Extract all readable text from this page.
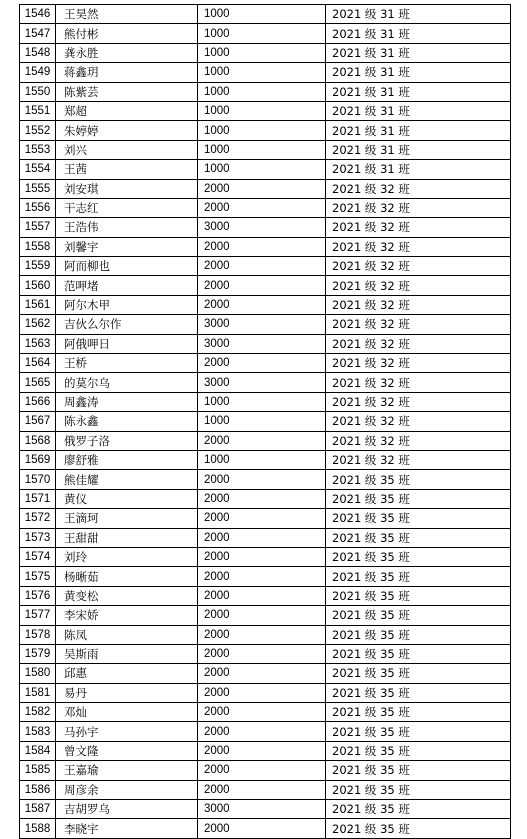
1546	王昊然	1000	2021 级 31 班
1547	熊付彬	1000	2021 级 31 班
1548	龚永胜	1000	2021 级 31 班
1549	蒋鑫玥	1000	2021 级 31 班
1550	陈紫芸	1000	2021 级 31 班
1551	郑超	1000	2021 级 31 班
1552	朱婷婷	1000	2021 级 31 班
1553	刘兴	1000	2021 级 31 班
1554	王茜	1000	2021 级 31 班
1555	刘安琪	2000	2021 级 32 班
1556	干志红	2000	2021 级 32 班
1557	王浩伟	3000	2021 级 32 班
1558	刘馨宇	2000	2021 级 32 班
1559	阿而柳也	2000	2021 级 32 班
1560	范呷堵	2000	2021 级 32 班
1561	阿尔木甲	2000	2021 级 32 班
1562	吉伙么尔作	3000	2021 级 32 班
1563	阿俄呷日	3000	2021 级 32 班
1564	王桥	2000	2021 级 32 班
1565	的莫尔乌	3000	2021 级 32 班
1566	周鑫涛	1000	2021 级 32 班
1567	陈永鑫	1000	2021 级 32 班
1568	俄罗子洛	2000	2021 级 32 班
1569	廖舒雅	1000	2021 级 32 班
1570	熊佳耀	2000	2021 级 35 班
1571	黄仪	2000	2021 级 35 班
1572	王滴珂	2000	2021 级 35 班
1573	王甜甜	2000	2021 级 35 班
1574	刘玲	2000	2021 级 35 班
1575	杨晰茹	2000	2021 级 35 班
1576	黄变松	2000	2021 级 35 班
1577	李宋娇	2000	2021 级 35 班
1578	陈凤	2000	2021 级 35 班
1579	吴斯雨	2000	2021 级 35 班
1580	邱惠	2000	2021 级 35 班
1581	易丹	2000	2021 级 35 班
1582	邓灿	2000	2021 级 35 班
1583	马孙宇	2000	2021 级 35 班
1584	曾文隆	2000	2021 级 35 班
1585	王嘉瑜	2000	2021 级 35 班
1586	周彦余	2000	2021 级 35 班
1587	吉胡罗乌	3000	2021 级 35 班
1588	李晓宇	2000	2021 级 35 班
